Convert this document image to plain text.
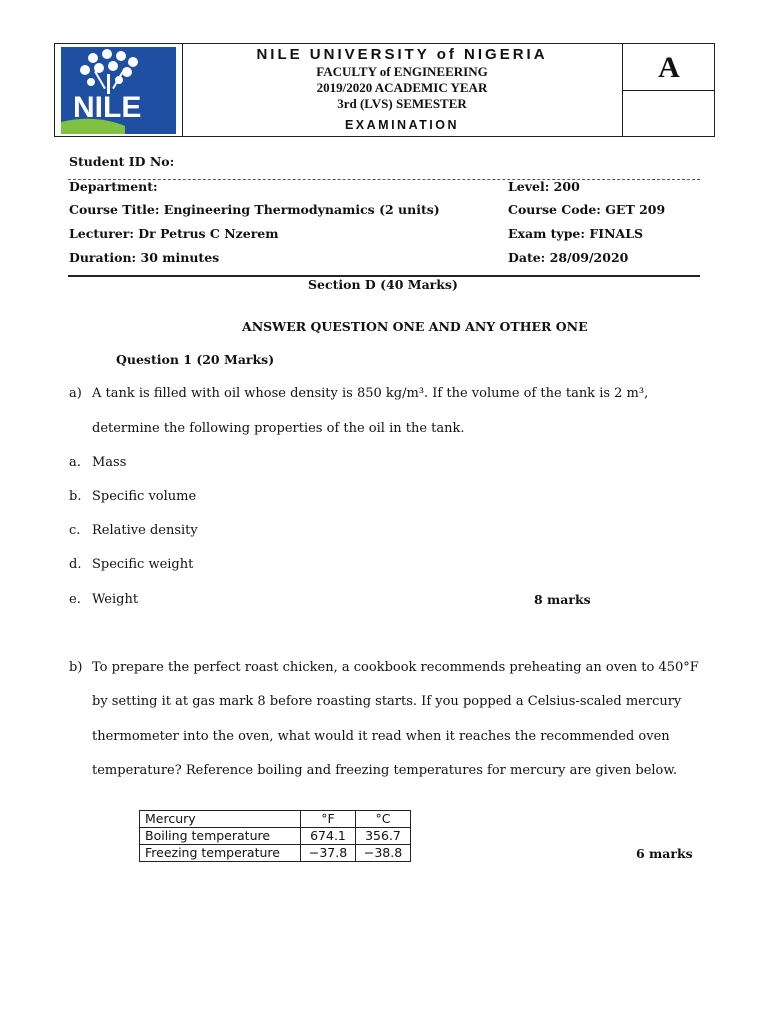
NILE
NILE UNIVERSITY of NIGERIA
FACULTY of ENGINEERING
2019/2020 ACADEMIC YEAR
3rd (LVS) SEMESTER
EXAMINATION
A
Student ID No:
Department:	Level: 200
Course Title: Engineering Thermodynamics (2 units)	Course Code: GET 209
Lecturer: Dr Petrus C Nzerem	Exam type: FINALS
Duration: 30 minutes	Date: 28/09/2020
Section D (40 Marks)
ANSWER QUESTION ONE AND ANY OTHER ONE
Question 1 (20 Marks)
a) A tank is filled with oil whose density is 850 kg/m³. If the volume of the tank is 2 m³,
determine the following properties of the oil in the tank.
a. Mass
b. Specific volume
c. Relative density
d. Specific weight
e. Weight	8 marks
b) To prepare the perfect roast chicken, a cookbook recommends preheating an oven to 450°F
by setting it at gas mark 8 before roasting starts. If you popped a Celsius-scaled mercury
thermometer into the oven, what would it read when it reaches the recommended oven
temperature? Reference boiling and freezing temperatures for mercury are given below.
Mercury	°F	°C
Boiling temperature	674.1	356.7
Freezing temperature	−37.8	−38.8	6 marks
